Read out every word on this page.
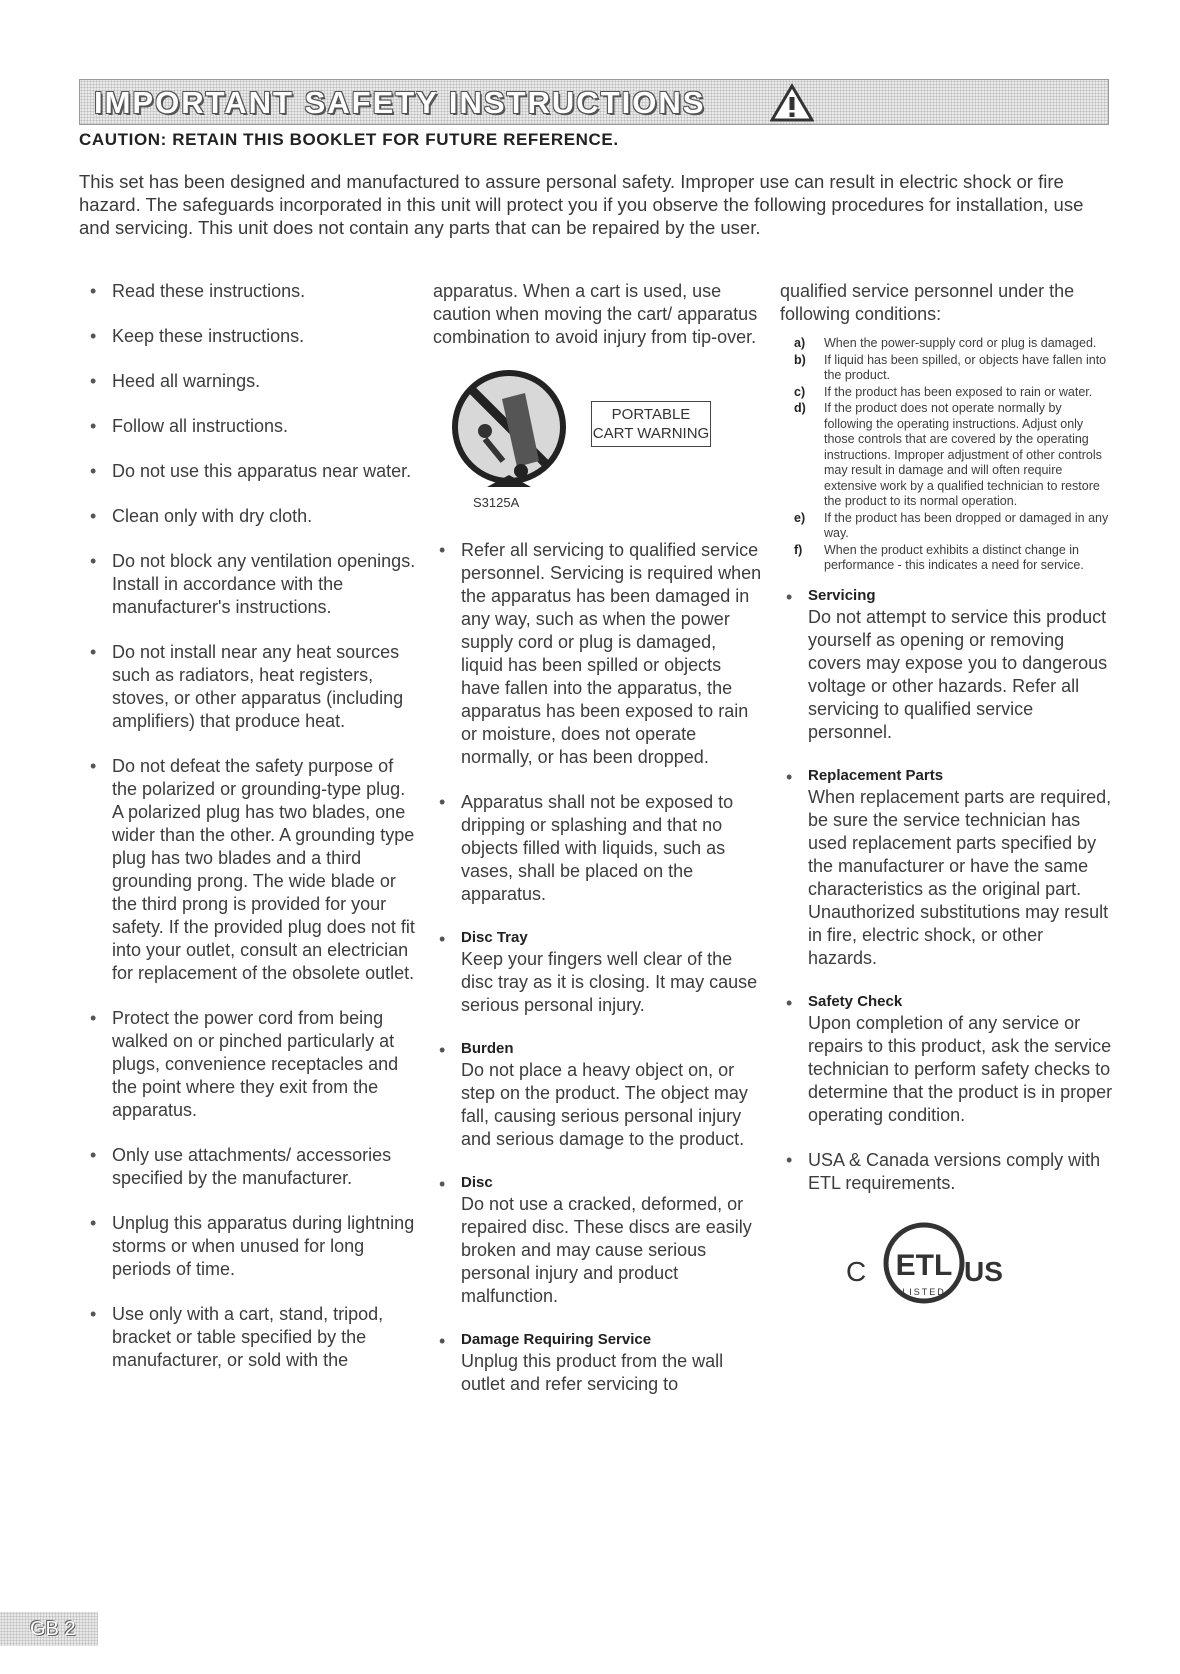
IMPORTANT SAFETY INSTRUCTIONS
CAUTION: RETAIN THIS BOOKLET FOR FUTURE REFERENCE.

This set has been designed and manufactured to assure personal safety. Improper use can result in electric shock or fire hazard. The safeguards incorporated in this unit will protect you if you observe the following procedures for installation, use and servicing. This unit does not contain any parts that can be repaired by the user.

• Read these instructions.
• Keep these instructions.
• Heed all warnings.
• Follow all instructions.
• Do not use this apparatus near water.
• Clean only with dry cloth.
• Do not block any ventilation openings. Install in accordance with the manufacturer's instructions.
• Do not install near any heat sources such as radiators, heat registers, stoves, or other apparatus (including amplifiers) that produce heat.
• Do not defeat the safety purpose of the polarized or grounding-type plug. A polarized plug has two blades, one wider than the other. A grounding type plug has two blades and a third grounding prong. The wide blade or the third prong is provided for your safety. If the provided plug does not fit into your outlet, consult an electrician for replacement of the obsolete outlet.
• Protect the power cord from being walked on or pinched particularly at plugs, convenience receptacles and the point where they exit from the apparatus.
• Only use attachments/ accessories specified by the manufacturer.
• Unplug this apparatus during lightning storms or when unused for long periods of time.
• Use only with a cart, stand, tripod, bracket or table specified by the manufacturer, or sold with the

apparatus. When a cart is used, use caution when moving the cart/ apparatus combination to avoid injury from tip-over.

PORTABLE CART WARNING
S3125A
• Refer all servicing to qualified service personnel. Servicing is required when the apparatus has been damaged in any way, such as when the power supply cord or plug is damaged, liquid has been spilled or objects have fallen into the apparatus, the apparatus has been exposed to rain or moisture, does not operate normally, or has been dropped.
• Apparatus shall not be exposed to dripping or splashing and that no objects filled with liquids, such as vases, shall be placed on the apparatus.
• Disc Tray
Keep your fingers well clear of the disc tray as it is closing. It may cause serious personal injury.
• Burden
Do not place a heavy object on, or step on the product. The object may fall, causing serious personal injury and serious damage to the product.
• Disc
Do not use a cracked, deformed, or repaired disc. These discs are easily broken and may cause serious personal injury and product malfunction.
• Damage Requiring Service
Unplug this product from the wall outlet and refer servicing to

qualified service personnel under the following conditions:

a) When the power-supply cord or plug is damaged.
b) If liquid has been spilled, or objects have fallen into the product.
c) If the product has been exposed to rain or water.
d) If the product does not operate normally by following the operating instructions. Adjust only those controls that are covered by the operating instructions. Improper adjustment of other controls may result in damage and will often require extensive work by a qualified technician to restore the product to its normal operation.
e) If the product has been dropped or damaged in any way.
f) When the product exhibits a distinct change in performance - this indicates a need for service.
• Servicing
Do not attempt to service this product yourself as opening or removing covers may expose you to dangerous voltage or other hazards. Refer all servicing to qualified service personnel.
• Replacement Parts
When replacement parts are required, be sure the service technician has used replacement parts specified by the manufacturer or have the same characteristics as the original part. Unauthorized substitutions may result in fire, electric shock, or other hazards.
• Safety Check
Upon completion of any service or repairs to this product, ask the service technician to perform safety checks to determine that the product is in proper operating condition.
• USA & Canada versions comply with ETL requirements.
C ETL
LISTED
US
GB 2
